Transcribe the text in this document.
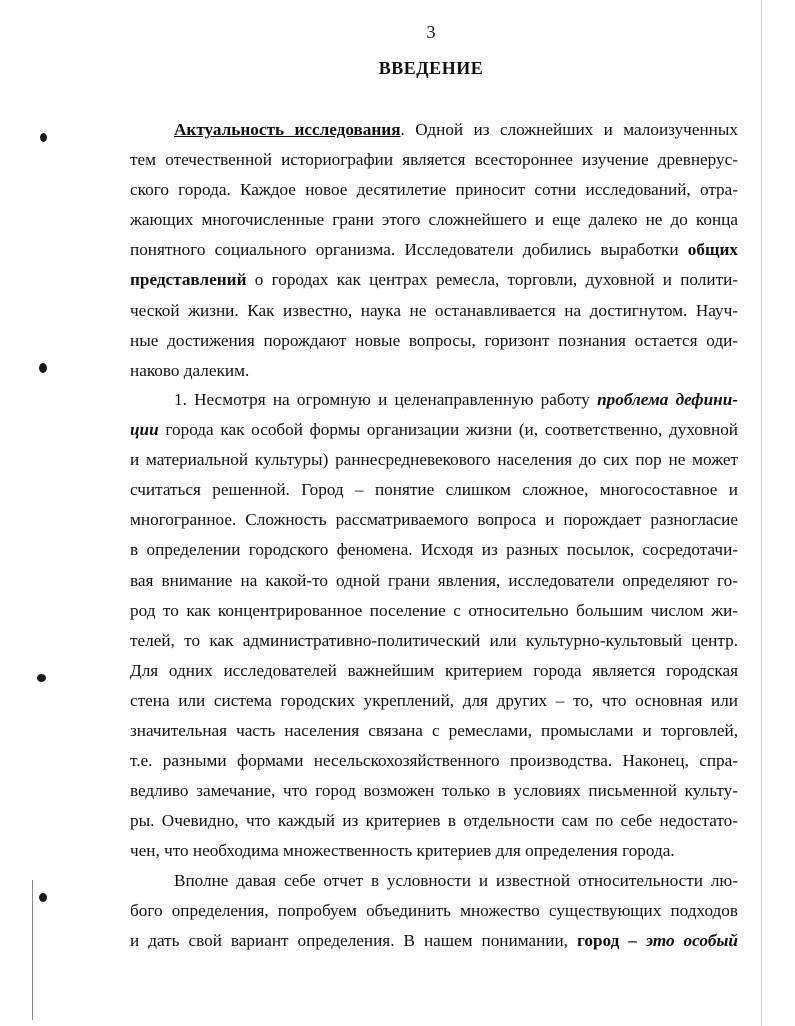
3
ВВЕДЕНИЕ
Актуальность исследования. Одной из сложнейших и малоизученных
тем отечественной историографии является всестороннее изучение древнерус-
ского города. Каждое новое десятилетие приносит сотни исследований, отра-
жающих многочисленные грани этого сложнейшего и еще далеко не до конца
понятного социального организма. Исследователи добились выработки общих
представлений о городах как центрах ремесла, торговли, духовной и полити-
ческой жизни. Как известно, наука не останавливается на достигнутом. Науч-
ные достижения порождают новые вопросы, горизонт познания остается оди-
наково далеким.
1. Несмотря на огромную и целенаправленную работу проблема дефини-
ции города как особой формы организации жизни (и, соответственно, духовной
и материальной культуры) раннесредневекового населения до сих пор не может
считаться решенной. Город – понятие слишком сложное, многосоставное и
многогранное. Сложность рассматриваемого вопроса и порождает разногласие
в определении городского феномена. Исходя из разных посылок, сосредотачи-
вая внимание на какой-то одной грани явления, исследователи определяют го-
род то как концентрированное поселение с относительно большим числом жи-
телей, то как административно-политический или культурно-культовый центр.
Для одних исследователей важнейшим критерием города является городская
стена или система городских укреплений, для других – то, что основная или
значительная часть населения связана с ремеслами, промыслами и торговлей,
т.е. разными формами несельскохозяйственного производства. Наконец, спра-
ведливо замечание, что город возможен только в условиях письменной культу-
ры. Очевидно, что каждый из критериев в отдельности сам по себе недостато-
чен, что необходима множественность критериев для определения города.
Вполне давая себе отчет в условности и известной относительности лю-
бого определения, попробуем объединить множество существующих подходов
и дать свой вариант определения. В нашем понимании, город – это особый
